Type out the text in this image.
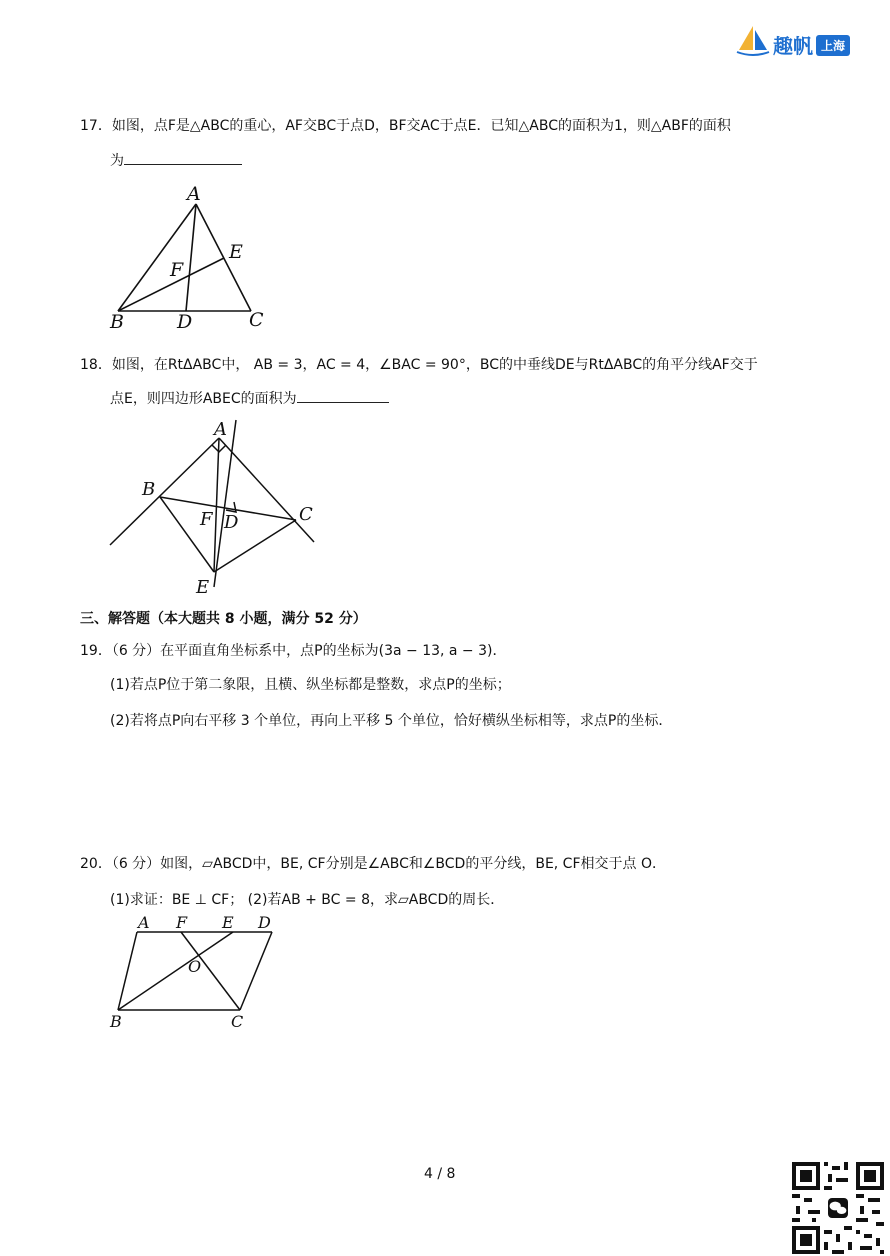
趣帆 上海
17．如图，点F是△ABC的重心，AF交BC于点D，BF交AC于点E．已知△ABC的面积为1，则△ABF的面积
为
A
E
F
B	D	C
18．如图，在RtΔABC中， AB = 3，AC = 4，∠BAC = 90°，BC的中垂线DE与RtΔABC的角平分线AF交于
点E，则四边形ABEC的面积为
A
B
C
F D
E
三、解答题（本大题共 8 小题，满分 52 分）
19．（6 分）在平面直角坐标系中，点P的坐标为(3a − 13, a − 3)．
(1)若点P位于第二象限，且横、纵坐标都是整数，求点P的坐标；
(2)若将点P向右平移 3 个单位，再向上平移 5 个单位，恰好横纵坐标相等，求点P的坐标．
20．（6 分）如图，▱ABCD中，BE, CF分别是∠ABC和∠BCD的平分线，BE, CF相交于点 O．
(1)求证：BE ⊥ CF； (2)若AB + BC = 8，求▱ABCD的周长．
A F E D
O
B	C
4 / 8
